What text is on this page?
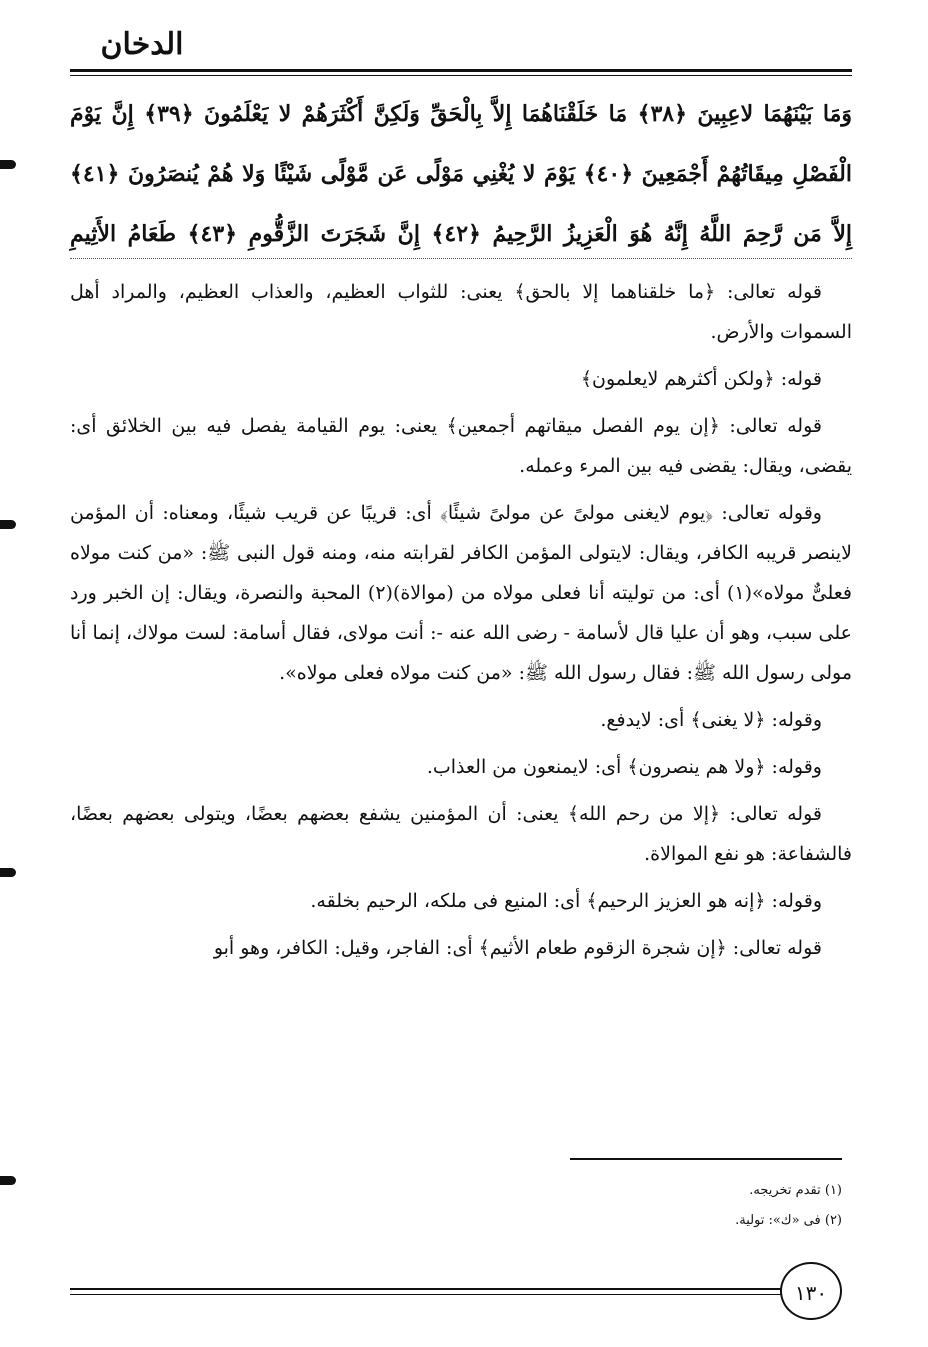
الدخان
وَمَا بَيْنَهُمَا لاعِبِينَ ﴿٣٨﴾ مَا خَلَقْنَاهُمَا إِلاَّ بِالْحَقِّ وَلَكِنَّ أَكْثَرَهُمْ لا يَعْلَمُونَ ﴿٣٩﴾ إِنَّ يَوْمَ
الْفَصْلِ مِيقَاتُهُمْ أَجْمَعِينَ ﴿٤٠﴾ يَوْمَ لا يُغْنِي مَوْلًى عَن مَّوْلًى شَيْئًا وَلا هُمْ يُنصَرُونَ ﴿٤١﴾
إِلاَّ مَن رَّحِمَ اللَّهُ إِنَّهُ هُوَ الْعَزِيزُ الرَّحِيمُ ﴿٤٢﴾ إِنَّ شَجَرَتَ الزَّقُّومِ ﴿٤٣﴾ طَعَامُ الأَثِيمِ

قوله تعالى: ﴿ما خلقناهما إلا بالحق﴾ يعنى: للثواب العظيم، والعذاب العظيم، والمراد أهل السموات والأرض.

قوله: ﴿ولكن أكثرهم لايعلمون﴾

قوله تعالى: ﴿إن يوم الفصل ميقاتهم أجمعين﴾ يعنى: يوم القيامة يفصل فيه بين الخلائق أى: يقضى، ويقال: يقضى فيه بين المرء وعمله.

وقوله تعالى: ﴿يوم لايغنى مولىً عن مولىً شيئًا﴾ أى: قريبًا عن قريب شيئًا، ومعناه: أن المؤمن لاينصر قريبه الكافر، ويقال: لايتولى المؤمن الكافر لقرابته منه، ومنه قول النبى ﷺ: «من كنت مولاه فعلىٌّ مولاه»(١) أى: من توليته أنا فعلى مولاه من (موالاة)(٢) المحبة والنصرة، ويقال: إن الخبر ورد على سبب، وهو أن عليا قال لأسامة - رضى الله عنه -: أنت مولاى، فقال أسامة: لست مولاك، إنما أنا مولى رسول الله ﷺ: فقال رسول الله ﷺ: «من كنت مولاه فعلى مولاه».

وقوله: ﴿لا يغنى﴾ أى: لايدفع.

وقوله: ﴿ولا هم ينصرون﴾ أى: لايمنعون من العذاب.

قوله تعالى: ﴿إلا من رحم الله﴾ يعنى: أن المؤمنين يشفع بعضهم بعضًا، ويتولى بعضهم بعضًا، فالشفاعة: هو نفع الموالاة.

وقوله: ﴿إنه هو العزيز الرحيم﴾ أى: المنيع فى ملكه، الرحيم بخلقه.

قوله تعالى: ﴿إن شجرة الزقوم طعام الأثيم﴾ أى: الفاجر، وقيل: الكافر، وهو أبو

(١) تقدم تخريجه.
(٢) فى «ك»: تولية.
١٣٠
